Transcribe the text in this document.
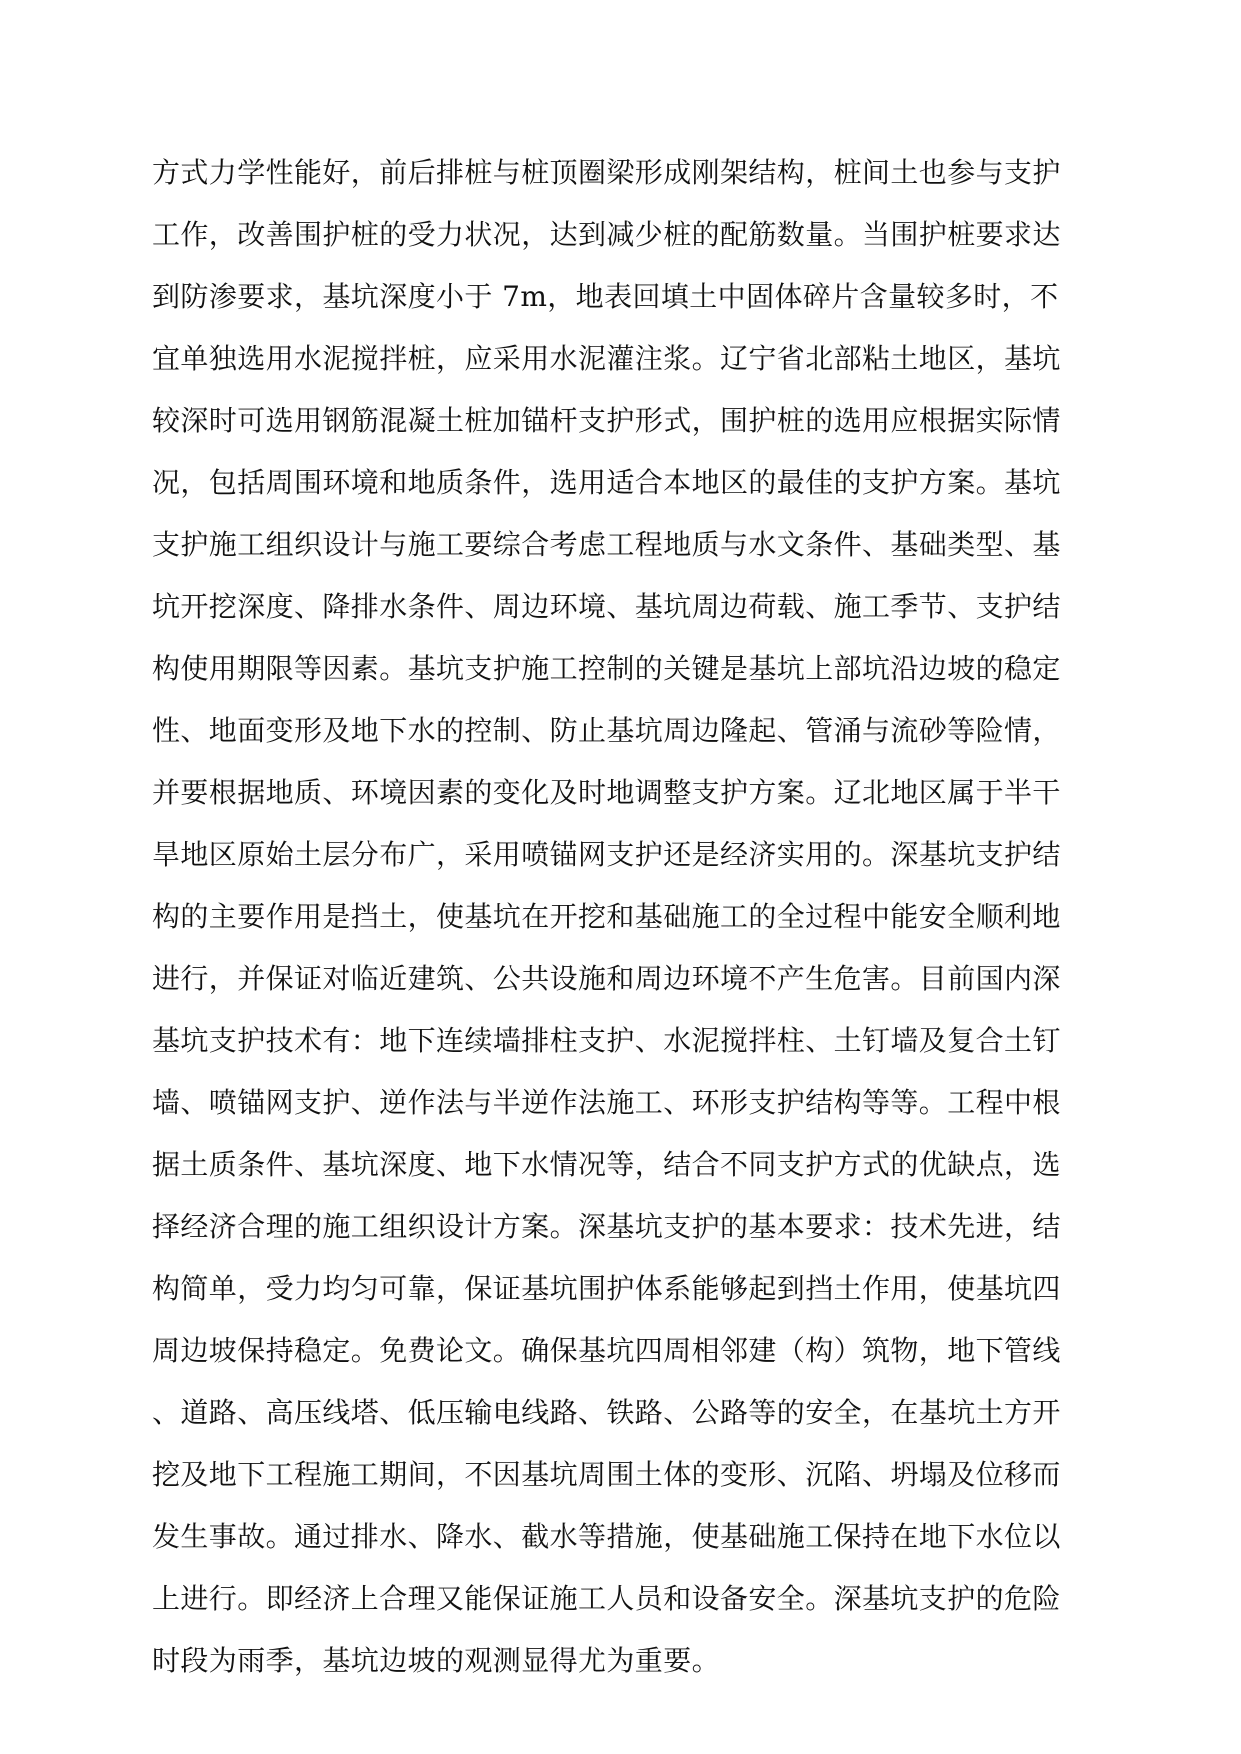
方式力学性能好，前后排桩与桩顶圈梁形成刚架结构，桩间土也参与支护
工作，改善围护桩的受力状况，达到减少桩的配筋数量。当围护桩要求达
到防渗要求，基坑深度小于 7m，地表回填土中固体碎片含量较多时，不
宜单独选用水泥搅拌桩，应采用水泥灌注浆。辽宁省北部粘土地区，基坑
较深时可选用钢筋混凝土桩加锚杆支护形式，围护桩的选用应根据实际情
况，包括周围环境和地质条件，选用适合本地区的最佳的支护方案。基坑
支护施工组织设计与施工要综合考虑工程地质与水文条件、基础类型、基
坑开挖深度、降排水条件、周边环境、基坑周边荷载、施工季节、支护结
构使用期限等因素。基坑支护施工控制的关键是基坑上部坑沿边坡的稳定
性、地面变形及地下水的控制、防止基坑周边隆起、管涌与流砂等险情，
并要根据地质、环境因素的变化及时地调整支护方案。辽北地区属于半干
旱地区原始土层分布广，采用喷锚网支护还是经济实用的。深基坑支护结
构的主要作用是挡土，使基坑在开挖和基础施工的全过程中能安全顺利地
进行，并保证对临近建筑、公共设施和周边环境不产生危害。目前国内深
基坑支护技术有：地下连续墙排柱支护、水泥搅拌柱、土钉墙及复合土钉
墙、喷锚网支护、逆作法与半逆作法施工、环形支护结构等等。工程中根
据土质条件、基坑深度、地下水情况等，结合不同支护方式的优缺点，选
择经济合理的施工组织设计方案。深基坑支护的基本要求：技术先进，结
构简单，受力均匀可靠，保证基坑围护体系能够起到挡土作用，使基坑四
周边坡保持稳定。免费论文。确保基坑四周相邻建（构）筑物，地下管线
、道路、高压线塔、低压输电线路、铁路、公路等的安全，在基坑土方开
挖及地下工程施工期间，不因基坑周围土体的变形、沉陷、坍塌及位移而
发生事故。通过排水、降水、截水等措施，使基础施工保持在地下水位以
上进行。即经济上合理又能保证施工人员和设备安全。深基坑支护的危险
时段为雨季，基坑边坡的观测显得尤为重要。
